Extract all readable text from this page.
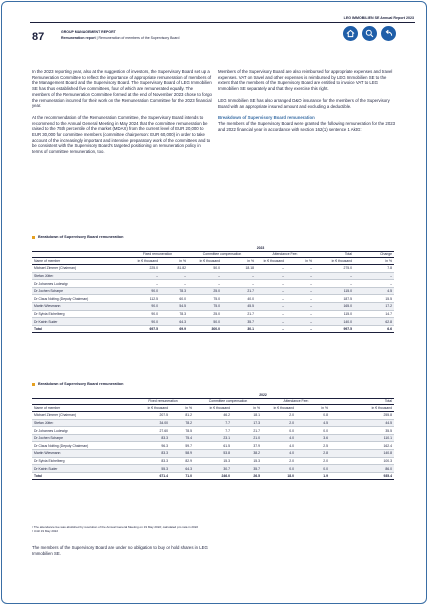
LEG IMMOBILIEN SE Annual Report 2023
87	GROUP MANAGEMENT REPORT
Remuneration report | Remuneration of members of the Supervisory Board

In the 2023 reporting year, also at the suggestion of investors, the Supervisory Board set up a Remuneration Committee to reflect the importance of appropriate remuneration of members of the Management Board and the Supervisory Board. The Supervisory Board of LEG Immobilien SE has thus established five committees, four of which are remunerated equally. The members of the Remuneration Committee formed at the end of November 2023 chose to forgo the remuneration incurred for their work on the Remuneration Committee for the 2023 financial year.

At the recommendation of the Remuneration Committee, the Supervisory Board intends to recommend to the Annual General Meeting in May 2024 that the committee remuneration be raised to the 75th percentile of the market (MDAX) from the current level of EUR 20,000 to EUR 30,000 for committee members (committee chairperson: EUR 60,000) in order to take account of the increasingly important and intensive preparatory work of the committees and to be consistent with the Supervisory Board's targeted positioning on remuneration policy in terms of committee remuneration, too.

Members of the Supervisory Board are also reimbursed for appropriate expenses and travel expenses. VAT on travel and other expenses is reimbursed by LEG Immobilien SE to the extent that the members of the Supervisory Board are entitled to invoice VAT to LEG Immobilien SE separately and that they exercise this right.

LEG Immobilien SE has also arranged D&O insurance for the members of the Supervisory Board with an appropriate insured amount and excluding a deductible.

Breakdown of Supervisory Board remuneration

The members of the Supervisory Board were granted the following remuneration for the 2023 and 2022 financial year in accordance with section 162(1) sentence 1 AktG:

Breakdown of Supervisory Board remuneration
	2023							
	Fixed remuneration		Committee compensation		Attendance Fee¹		Total	Change
Name of member	in € thousand	in %	in € thousand	in %	in € thousand	in %	in € thousand	in %
Michael Zimmer (Chairman)	225.0	81.82	50.0	18.18	–	–	275.0	7.8
Stefan Jütte²	–	–	–	–	–	–	–	–
Dr Johannes Ludewig²	–	–	–	–	–	–	–	–
Dr Jochen Scharpe	90.0	78.3	25.0	21.7	–	–	115.0	4.5
Dr Claus Nolting (Deputy Chairman)	112.5	60.0	75.0	40.0	–	–	187.5	15.5
Martin Wiesmann	90.0	54.5	75.0	45.5	–	–	165.0	17.2
Dr Sylvia Eichelberg	90.0	78.3	25.0	21.7	–	–	115.0	14.7
Dr Katrin Suder	90.0	64.3	50.0	35.7	–	–	140.0	62.8
Total	697.5	69.9	300.0	30.1	–	–	997.5	6.6
Breakdown of Supervisory Board remuneration
	2022						
	Fixed remuneration		Committee compensation		Attendance Fee¹		Total
Name of member	in € thousand	in %	in € thousand	in %	in € thousand	in %	in € thousand
Michael Zimmer (Chairman)	207.5	81.2	46.2	18.1	2.0	0.8	255.8
Stefan Jütte²	34.00	78.2	7.7	17.3	2.0	4.5	44.5
Dr Johannes Ludewig²	27.60	78.5	7.7	21.7	0.0	0.0	35.5
Dr Jochen Scharpe	83.3	75.4	23.1	21.0	4.0	3.6	110.1
Dr Claus Nolting (Deputy Chairman)	96.3	59.7	61.5	37.9	4.0	2.5	162.4
Martin Wiesmann	83.3	58.9	53.8	38.2	4.0	2.8	140.8
Dr Sylvia Eichelberg	83.3	82.9	15.3	15.3	2.0	2.0	100.3
Dr Katrin Suder	55.3	64.3	30.7	35.7	0.0	0.0	86.0
Total	671.4	71.0	246.0	26.5	18.0	1.9	935.4
¹ The attendance fee was abolished by resolution of the Annual General Meeting on 19 May 2022; calculated pro rata in 2022
² Until 19 May 2022
The members of the Supervisory Board are under no obligation to buy or hold shares in LEG Immobilien SE.
